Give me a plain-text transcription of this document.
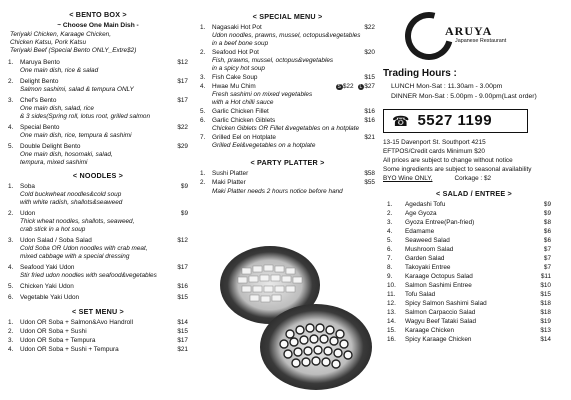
< BENTO BOX >
~ Choose One Main Dish -
Teriyaki Chicken, Karaage Chicken,
Chicken Katsu, Pork Katsu
Teriyaki Beef (Special Bento ONLY_Extre$2)
1.	Maruya Bento	$12
One main dish, rice & salad
2.	Delight Bento	$17
Salmon sashimi, salad & tempura ONLY
3.	Chef's Bento	$17
One main dish, salad, rice
& 3 sides(Spring roll, lotus root, grilled salmon
4.	Special Bento	$22
One main dish, rice, tempura & sashimi
5.	Double Delight Bento	$29
One main dish, hosomaki, salad,
tempura, mixed sashimi
< NOODLES >
1.	Soba	$9
Cold buckwheat noodles&cold soup
with white radish, shallots&seaweed
2.	Udon	$9
Thick wheat noodles, shallots, seaweed,
crab stick in a hot soup
3.	Udon Salad / Soba Salad	$12
Cold Soba OR Udon noodles with crab meat,
mixed cabbage with a special dressing
4.	Seafood Yaki Udon	$17
Stir fried udon noodles with seafood&vegetables
5.	Chicken Yaki Udon	$16
6.	Vegetable Yaki Udon	$15
< SET MENU >
1.	Udon OR Soba + Salmon&Avo Handroll	$14
2.	Udon OR Soba + Sushi	$15
3.	Udon OR Soba + Tempura	$17
4.	Udon OR Soba + Sushi + Tempura	$21
< SPECIAL MENU >
1.	Nagasaki Hot Pot	$22
Udon noodles, prawns, mussel, octopus&vegetables
in a beef bone soup
2.	Seafood Hot Pot	$20
Fish, prawns, mussel, octopus&vegetables
in a spicy hot soup
3.	Fish Cake Soup	$15
4.	Hwae Mu Chim	S $22	L $27
Fresh sashimi on mixed vegetables
with a Hot chilli sauce
5.	Garlic Chicken Fillet	$16
6.	Garlic Chicken Giblets	$16
Chicken Giblets OR Fillet &vegetables on a hotplate
7.	Grilled Eel on Hotplate	$21
Grilled Eel&vegetables on a hotplate
< PARTY PLATTER >
1.	Sushi Platter	$58
2.	Maki Platter	$55
Maki Platter needs 2 hours notice before hand
ARUYA
Japanese Restaurant
Trading Hours :
LUNCH Mon-Sat : 11.30am - 3.00pm
DINNER Mon-Sat : 5.00pm - 9.00pm(Last order)
☎ 5527 1199
13-15 Davenport St. Southport 4215
EFTPOS/Credit cards Minimum $20
All prices are subject to change without notice
Some ingredients are subject to seasonal availability
BYO Wine ONLY,	Corkage : $2
< SALAD / ENTREE >
1.	Agedashi Tofu	$9
2.	Age Gyoza	$9
3.	Gyoza Entree(Pan-fried)	$8
4.	Edamame	$6
5.	Seaweed Salad	$6
6.	Mushroom Salad	$7
7.	Garden Salad	$7
8.	Takoyaki Entree	$7
9.	Karaage Octopus Salad	$11
10.	Salmon Sashimi Entree	$10
11.	Tofu Salad	$15
12.	Spicy Salmon Sashimi Salad	$18
13.	Salmon Carpaccio Salad	$18
14.	Wagyu Beef Tataki Salad	$19
15.	Karaage Chicken	$13
16.	Spicy Karaage Chicken	$14
